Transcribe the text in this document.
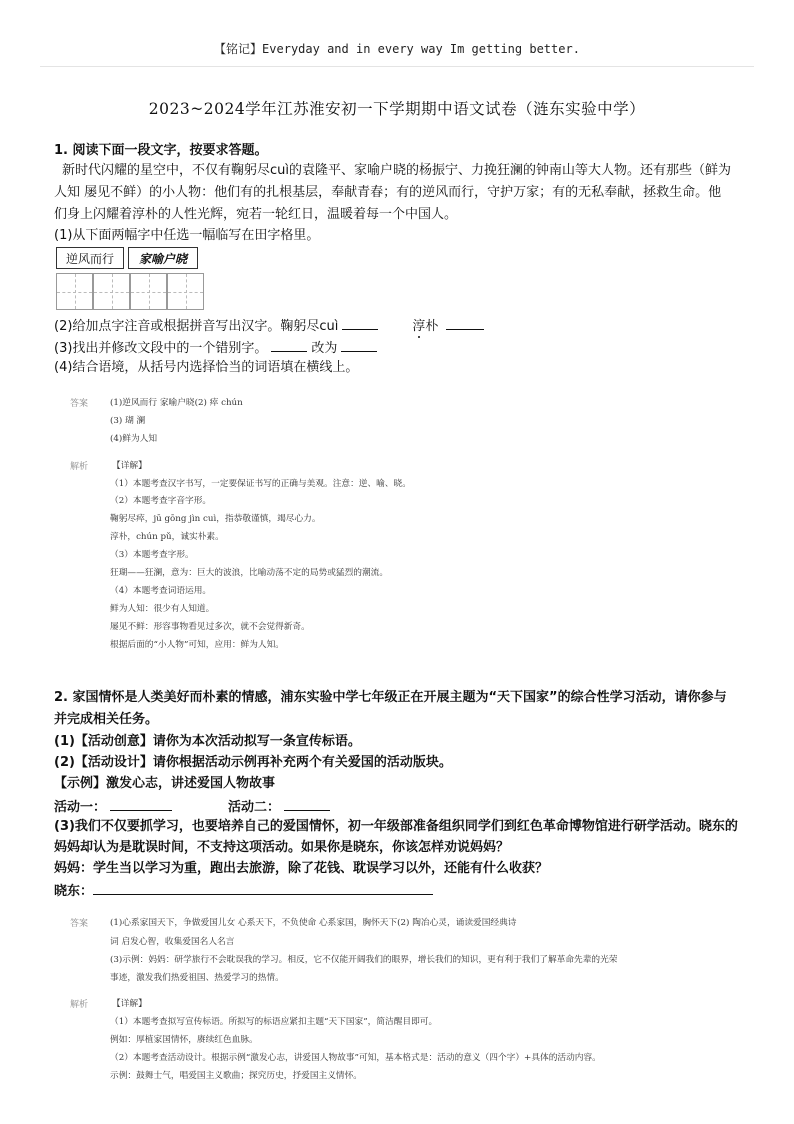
【铭记】Everyday and in every way Im getting better.
2023~2024学年江苏淮安初一下学期期中语文试卷（涟东实验中学）
1. 阅读下面一段文字，按要求答题。
新时代闪耀的星空中，不仅有鞠躬尽cuì的袁隆平、家喻户晓的杨振宁、力挽狂澜的钟南山等大人物。还有那些（鲜为
人知 屡见不鲜）的小人物：他们有的扎根基层，奉献青春；有的逆风而行，守护万家；有的无私奉献，拯救生命。他
们身上闪耀着淳朴的人性光辉，宛若一轮红日，温暖着每一个中国人。
(1)从下面两幅字中任选一幅临写在田字格里。
逆风而行	家喻户晓
(2)给加点字注音或根据拼音写出汉字。鞠躬尽cuì	淳朴
(3)找出并修改文段中的一个错别字。	改为
(4)结合语境，从括号内选择恰当的词语填在横线上。
答案	(1)逆风而行 家喻户晓(2) 瘁 chún
(3) 瑚 澜
(4)鲜为人知
解析	【详解】
（1）本题考查汉字书写，一定要保证书写的正确与美观。注意：逆、喻、晓。
（2）本题考查字音字形。
鞠躬尽瘁，jū gōng jìn cuì，指恭敬谨慎，竭尽心力。
淳朴，chún pǔ，诚实朴素。
（3）本题考查字形。
狂瑚——狂澜，意为：巨大的波浪，比喻动荡不定的局势或猛烈的潮流。
（4）本题考查词语运用。
鲜为人知：很少有人知道。
屡见不鲜：形容事物看见过多次，就不会觉得新奇。
根据后面的“小人物”可知，应用：鲜为人知。
2. 家国情怀是人类美好而朴素的情感，浦东实验中学七年级正在开展主题为“天下国家”的综合性学习活动，请你参与
并完成相关任务。
(1)【活动创意】请你为本次活动拟写一条宣传标语。
(2)【活动设计】请你根据活动示例再补充两个有关爱国的活动版块。
【示例】激发心志，讲述爱国人物故事
活动一：	活动二：
(3)我们不仅要抓学习，也要培养自己的爱国情怀，初一年级部准备组织同学们到红色革命博物馆进行研学活动。晓东的
妈妈却认为是耽误时间，不支持这项活动。如果你是晓东，你该怎样劝说妈妈？
妈妈：学生当以学习为重，跑出去旅游，除了花钱、耽误学习以外，还能有什么收获？
晓东：
答案	(1)心系家国天下，争做爱国儿女 心系天下，不负使命 心系家国，胸怀天下(2) 陶冶心灵，诵读爱国经典诗
词 启发心智，收集爱国名人名言
(3)示例：妈妈：研学旅行不会耽误我的学习。相反，它不仅能开阔我们的眼界，增长我们的知识，更有利于我们了解革命先辈的光荣
事迹，激发我们热爱祖国、热爱学习的热情。
解析	【详解】
（1）本题考查拟写宣传标语。所拟写的标语应紧扣主题“天下国家”，简洁醒目即可。
例如：厚植家国情怀，赓续红色血脉。
（2）本题考查活动设计。根据示例“激发心志，讲爱国人物故事”可知，基本格式是：活动的意义（四个字）+具体的活动内容。
示例：鼓舞士气，唱爱国主义歌曲；探究历史，抒爱国主义情怀。
